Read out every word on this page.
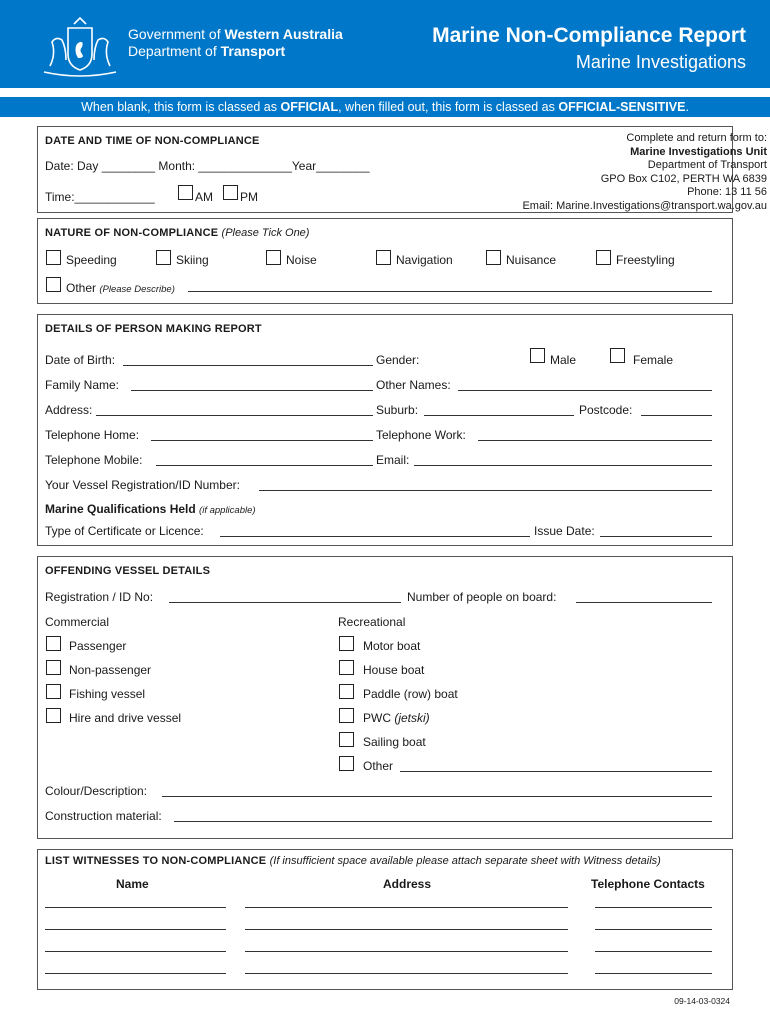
Government of Western Australia
Department of Transport
Marine Non-Compliance Report
Marine Investigations
When blank, this form is classed as OFFICIAL, when filled out, this form is classed as OFFICIAL-SENSITIVE.
DATE AND TIME OF NON-COMPLIANCE
Date: Day ________ Month: ______________Year________
Time:____________	AM PM
Complete and return form to:
Marine Investigations Unit
Department of Transport
GPO Box C102, PERTH WA 6839
Phone: 13 11 56
Email: Marine.Investigations@transport.wa.gov.au
NATURE OF NON-COMPLIANCE (Please Tick One)
Speeding	Skiing	Noise	Navigation	Nuisance	Freestyling
Other (Please Describe)
DETAILS OF PERSON MAKING REPORT
Date of Birth:	Gender:	Male	Female
Family Name:	Other Names:
Address:	Suburb:	Postcode:
Telephone Home:	Telephone Work:
Telephone Mobile:	Email:
Your Vessel Registration/ID Number:
Marine Qualifications Held (if applicable)
Type of Certificate or Licence:	Issue Date:
OFFENDING VESSEL DETAILS
Registration / ID No:	Number of people on board:
Commercial	Recreational
Passenger
Non-passenger
Fishing vessel
Hire and drive vessel
Motor boat
House boat
Paddle (row) boat
PWC (jetski)
Sailing boat
Other
Colour/Description:
Construction material:
LIST WITNESSES TO NON-COMPLIANCE (If insufficient space available please attach separate sheet with Witness details)
Name	Address	Telephone Contacts
09-14-03-0324
